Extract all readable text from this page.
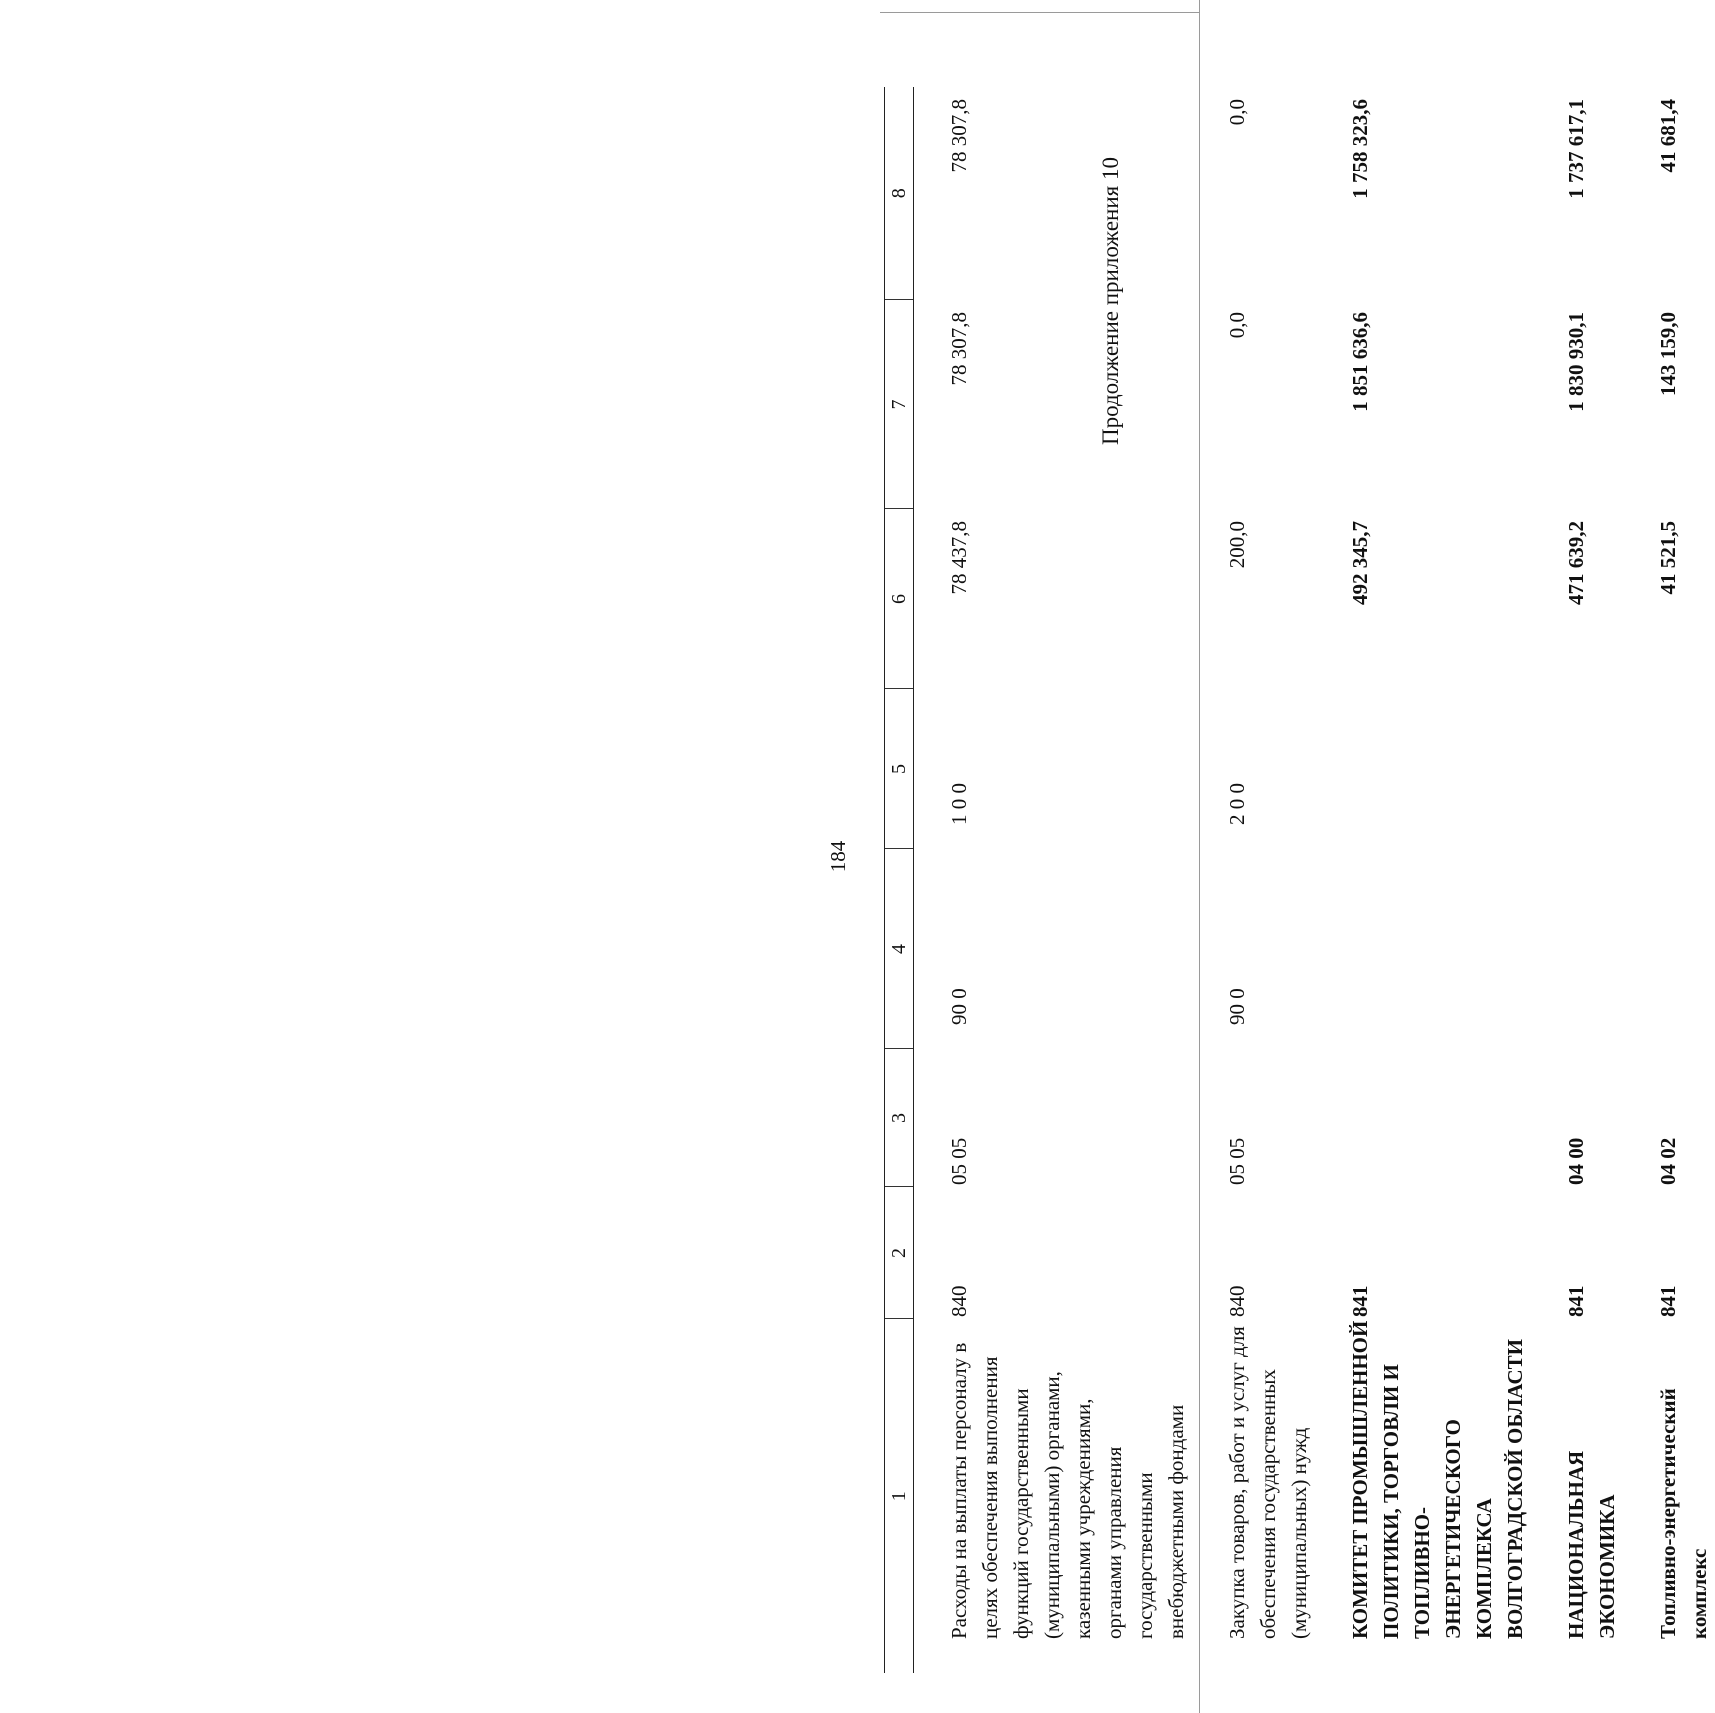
184
Продолжение приложения 10
1	2	3	4	5	6	7	8
Расходы на выплаты персоналу в целях обеспечения выполнения функций государственными (муниципальными) органами, казенными учреждениями, органами управления государственными внебюджетными фондами	840	05 05	90 0	1 0 0	78 437,8	78 307,8	78 307,8
Закупка товаров, работ и услуг для обеспечения государственных (муниципальных) нужд	840	05 05	90 0	2 0 0	200,0	0,0	0,0
КОМИТЕТ ПРОМЫШЛЕННОЙ ПОЛИТИКИ, ТОРГОВЛИ И ТОПЛИВНО-ЭНЕРГЕТИЧЕСКОГО КОМПЛЕКСА ВОЛГОГРАДСКОЙ ОБЛАСТИ	841				492 345,7	1 851 636,6	1 758 323,6
НАЦИОНАЛЬНАЯ ЭКОНОМИКА	841	04 00			471 639,2	1 830 930,1	1 737 617,1
Топливно-энергетический комплекс	841	04 02			41 521,5	143 159,0	41 681,4
